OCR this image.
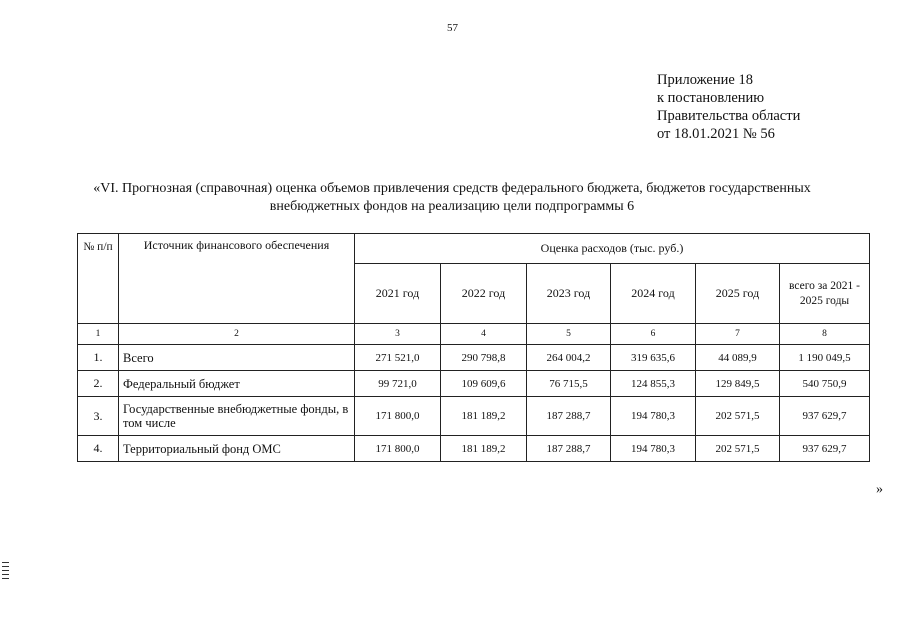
57
Приложение 18
к постановлению
Правительства области
от 18.01.2021 № 56
«VI. Прогнозная (справочная) оценка объемов привлечения средств федерального бюджета, бюджетов государственных
внебюджетных фондов на реализацию цели подпрограммы 6
№ п/п	Источник финансового обеспечения	Оценка расходов (тыс. руб.)					
		2021 год	2022 год	2023 год	2024 год	2025 год	всего за 2021 - 2025 годы
1	2	3	4	5	6	7	8
1.	Всего	271 521,0	290 798,8	264 004,2	319 635,6	44 089,9	1 190 049,5
2.	Федеральный бюджет	99 721,0	109 609,6	76 715,5	124 855,3	129 849,5	540 750,9
3.	Государственные внебюджетные фонды, в том числе	171 800,0	181 189,2	187 288,7	194 780,3	202 571,5	937 629,7
4.	Территориальный фонд ОМС	171 800,0	181 189,2	187 288,7	194 780,3	202 571,5	937 629,7
»
